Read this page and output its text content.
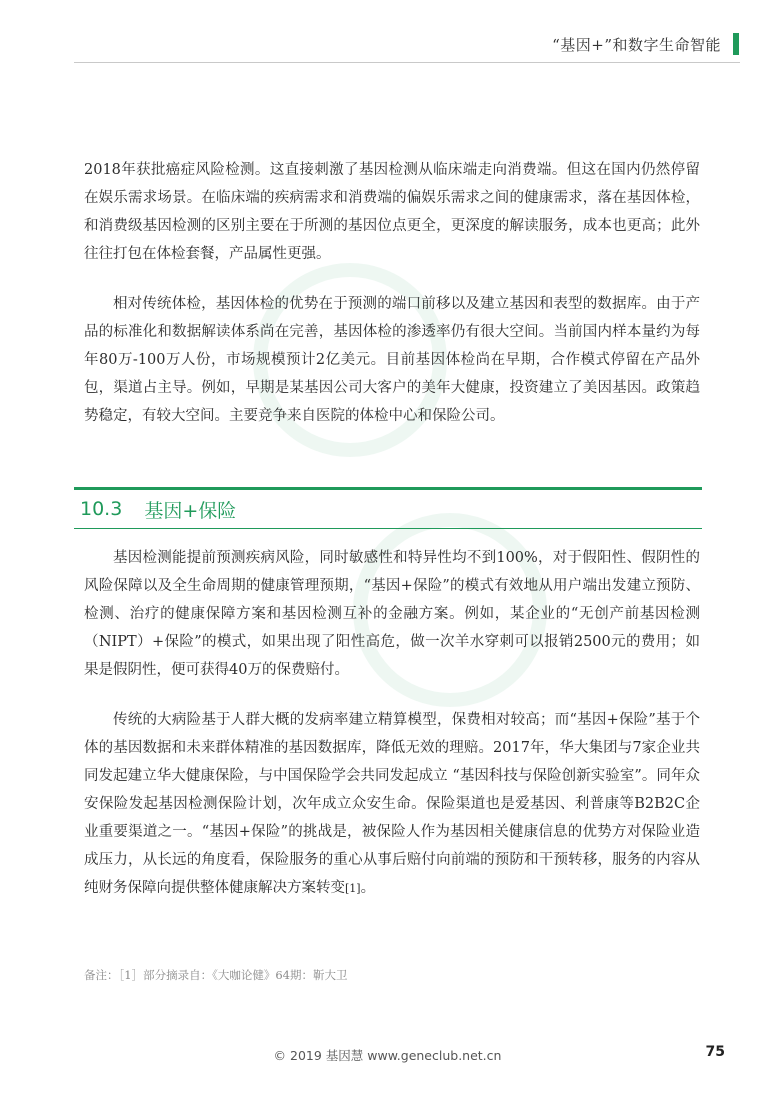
“基因+”和数字生命智能

2018年获批癌症风险检测。这直接刺激了基因检测从临床端走向消费端。但这在国内仍然停留在娱乐需求场景。在临床端的疾病需求和消费端的偏娱乐需求之间的健康需求，落在基因体检，和消费级基因检测的区别主要在于所测的基因位点更全，更深度的解读服务，成本也更高；此外往往打包在体检套餐，产品属性更强。

相对传统体检，基因体检的优势在于预测的端口前移以及建立基因和表型的数据库。由于产品的标准化和数据解读体系尚在完善，基因体检的渗透率仍有很大空间。当前国内样本量约为每年80万-100万人份，市场规模预计2亿美元。目前基因体检尚在早期，合作模式停留在产品外包，渠道占主导。例如，早期是某基因公司大客户的美年大健康，投资建立了美因基因。政策趋势稳定，有较大空间。主要竞争来自医院的体检中心和保险公司。

10.3 基因+保险

基因检测能提前预测疾病风险，同时敏感性和特异性均不到100%，对于假阳性、假阴性的风险保障以及全生命周期的健康管理预期，“基因+保险”的模式有效地从用户端出发建立预防、检测、治疗的健康保障方案和基因检测互补的金融方案。例如，某企业的“无创产前基因检测（NIPT）+保险”的模式，如果出现了阳性高危，做一次羊水穿刺可以报销2500元的费用；如果是假阴性，便可获得40万的保费赔付。

传统的大病险基于人群大概的发病率建立精算模型，保费相对较高；而“基因+保险”基于个体的基因数据和未来群体精准的基因数据库，降低无效的理赔。2017年，华大集团与7家企业共同发起建立华大健康保险，与中国保险学会共同发起成立 “基因科技与保险创新实验室”。同年众安保险发起基因检测保险计划，次年成立众安生命。保险渠道也是爱基因、利普康等B2B2C企业重要渠道之一。“基因+保险”的挑战是，被保险人作为基因相关健康信息的优势方对保险业造成压力，从长远的角度看，保险服务的重心从事后赔付向前端的预防和干预转移，服务的内容从纯财务保障向提供整体健康解决方案转变[1]。

备注：［1］部分摘录自：《大咖论健》64期：靳大卫
© 2019 基因慧 www.geneclub.net.cn	75
